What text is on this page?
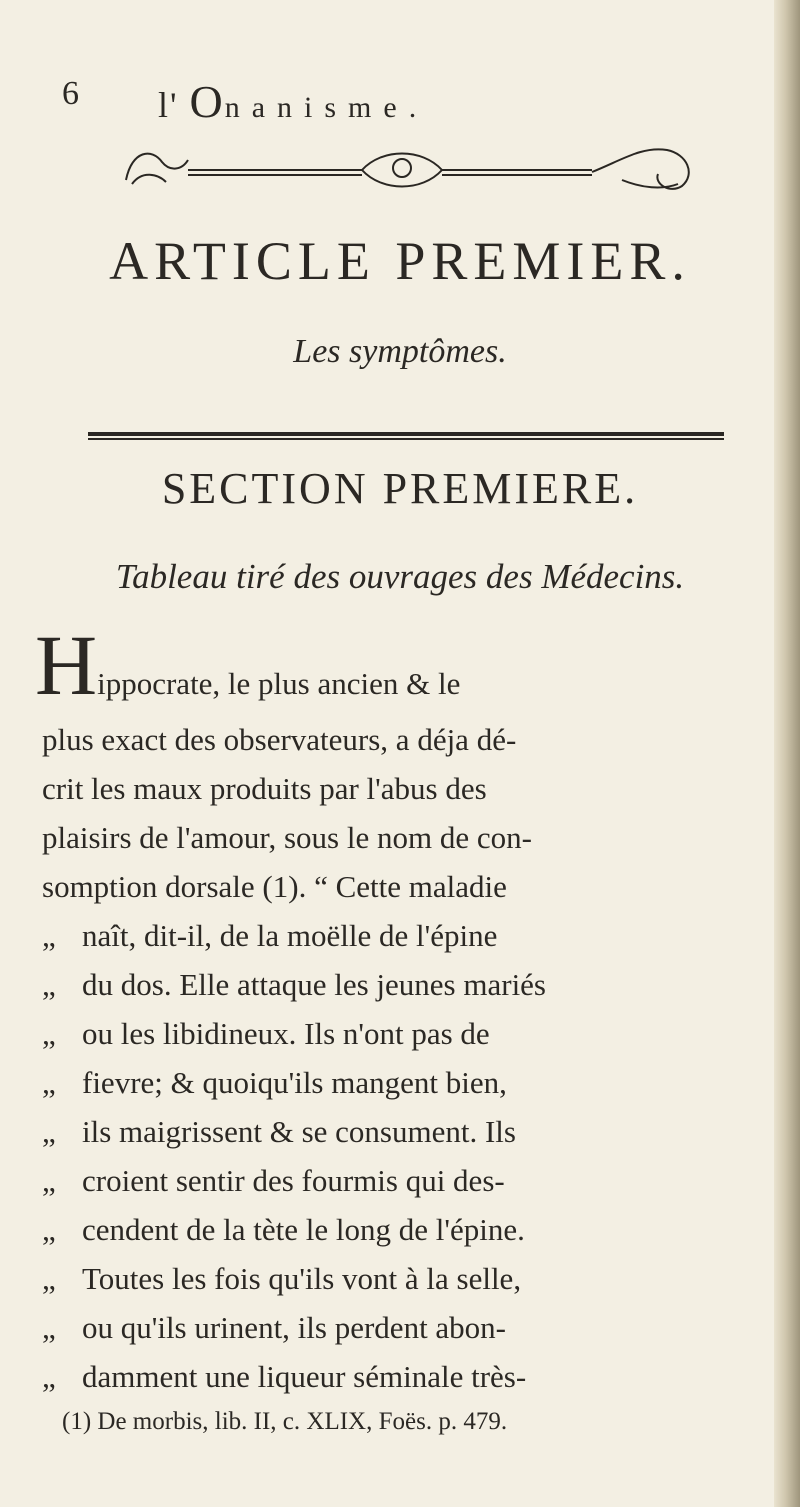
6 l' Onanisme.
ARTICLE PREMIER.
Les symptômes.
SECTION PREMIERE.
Tableau tiré des ouvrages des Médecins.
Hippocrate, le plus ancien & le
plus exact des observateurs, a déja dé-
crit les maux produits par l'abus des
plaisirs de l'amour, sous le nom de con-
somption dorsale (1). “ Cette maladie
„ naît, dit-il, de la moëlle de l'épine
„ du dos. Elle attaque les jeunes mariés
„ ou les libidineux. Ils n'ont pas de
„ fievre; & quoiqu'ils mangent bien,
„ ils maigrissent & se consument. Ils
„ croient sentir des fourmis qui des-
„ cendent de la tète le long de l'épine.
„ Toutes les fois qu'ils vont à la selle,
„ ou qu'ils urinent, ils perdent abon-
„ damment une liqueur séminale très-
(1) De morbis, lib. II, c. XLIX, Foës. p. 479.
